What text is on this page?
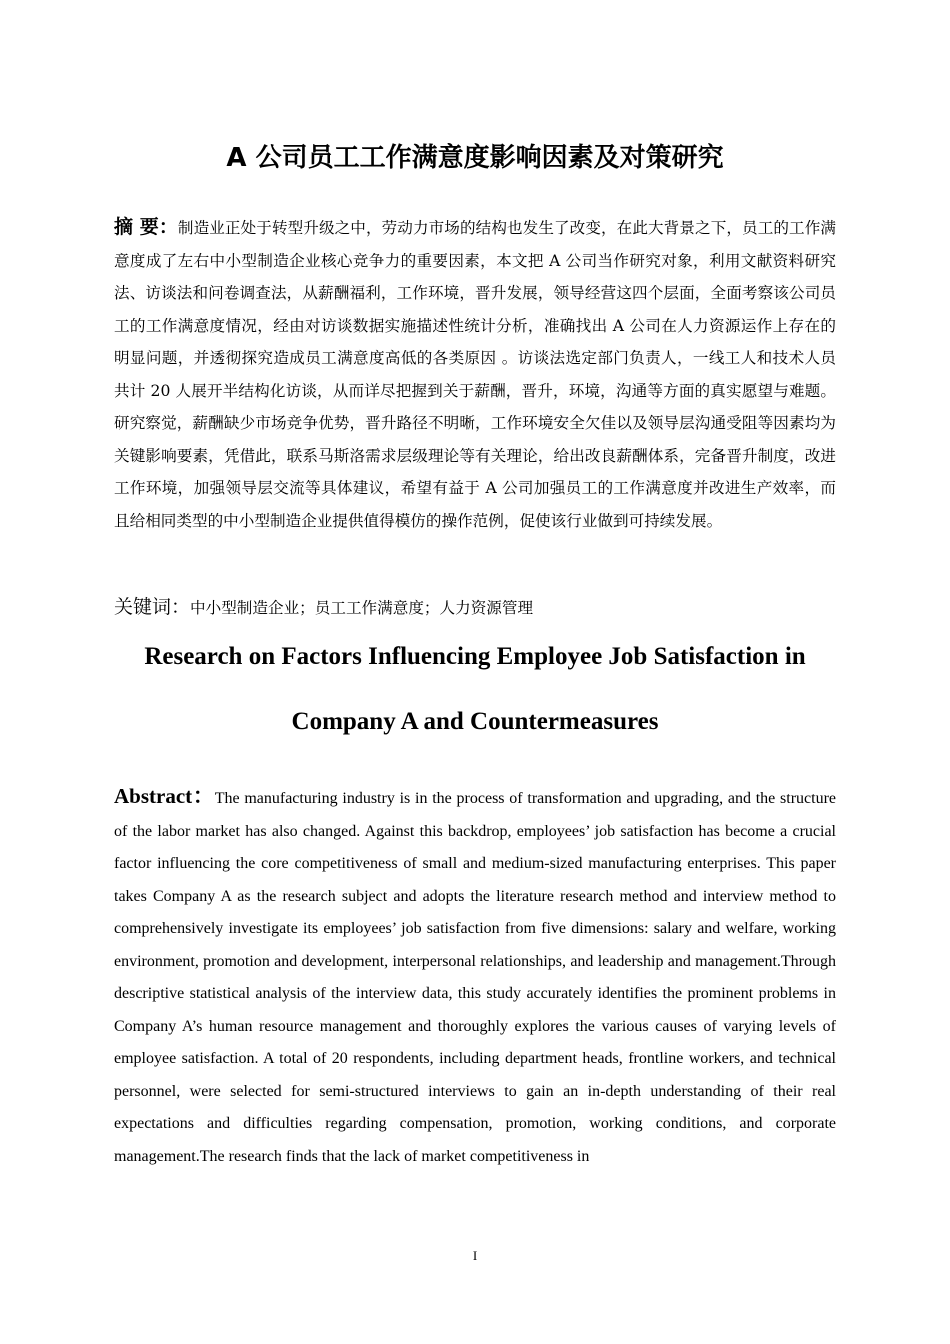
A 公司员工工作满意度影响因素及对策研究

摘 要：制造业正处于转型升级之中，劳动力市场的结构也发生了改变，在此大背景之下，员工的工作满意度成了左右中小型制造企业核心竞争力的重要因素，本文把 A 公司当作研究对象，利用文献资料研究法、访谈法和问卷调查法，从薪酬福利，工作环境，晋升发展，领导经营这四个层面，全面考察该公司员工的工作满意度情况，经由对访谈数据实施描述性统计分析，准确找出 A 公司在人力资源运作上存在的明显问题，并透彻探究造成员工满意度高低的各类原因 。访谈法选定部门负责人，一线工人和技术人员共计 20 人展开半结构化访谈，从而详尽把握到关于薪酬，晋升，环境，沟通等方面的真实愿望与难题。 研究察觉，薪酬缺少市场竞争优势，晋升路径不明晰，工作环境安全欠佳以及领导层沟通受阻等因素均为关键影响要素，凭借此，联系马斯洛需求层级理论等有关理论，给出改良薪酬体系，完备晋升制度，改进工作环境，加强领导层交流等具体建议，希望有益于 A 公司加强员工的工作满意度并改进生产效率，而且给相同类型的中小型制造企业提供值得模仿的操作范例，促使该行业做到可持续发展。

关键词：中小型制造企业；员工工作满意度；人力资源管理

Research on Factors Influencing Employee Job Satisfaction in Company A and Countermeasures

Abstract：The manufacturing industry is in the process of transformation and upgrading, and the structure of the labor market has also changed. Against this backdrop, employees’ job satisfaction has become a crucial factor influencing the core competitiveness of small and medium-sized manufacturing enterprises. This paper takes Company A as the research subject and adopts the literature research method and interview method to comprehensively investigate its employees’ job satisfaction from five dimensions: salary and welfare, working environment, promotion and development, interpersonal relationships, and leadership and management.Through descriptive statistical analysis of the interview data, this study accurately identifies the prominent problems in Company A’s human resource management and thoroughly explores the various causes of varying levels of employee satisfaction. A total of 20 respondents, including department heads, frontline workers, and technical personnel, were selected for semi-structured interviews to gain an in-depth understanding of their real expectations and difficulties regarding compensation, promotion, working conditions, and corporate management.The research finds that the lack of market competitiveness in

I
